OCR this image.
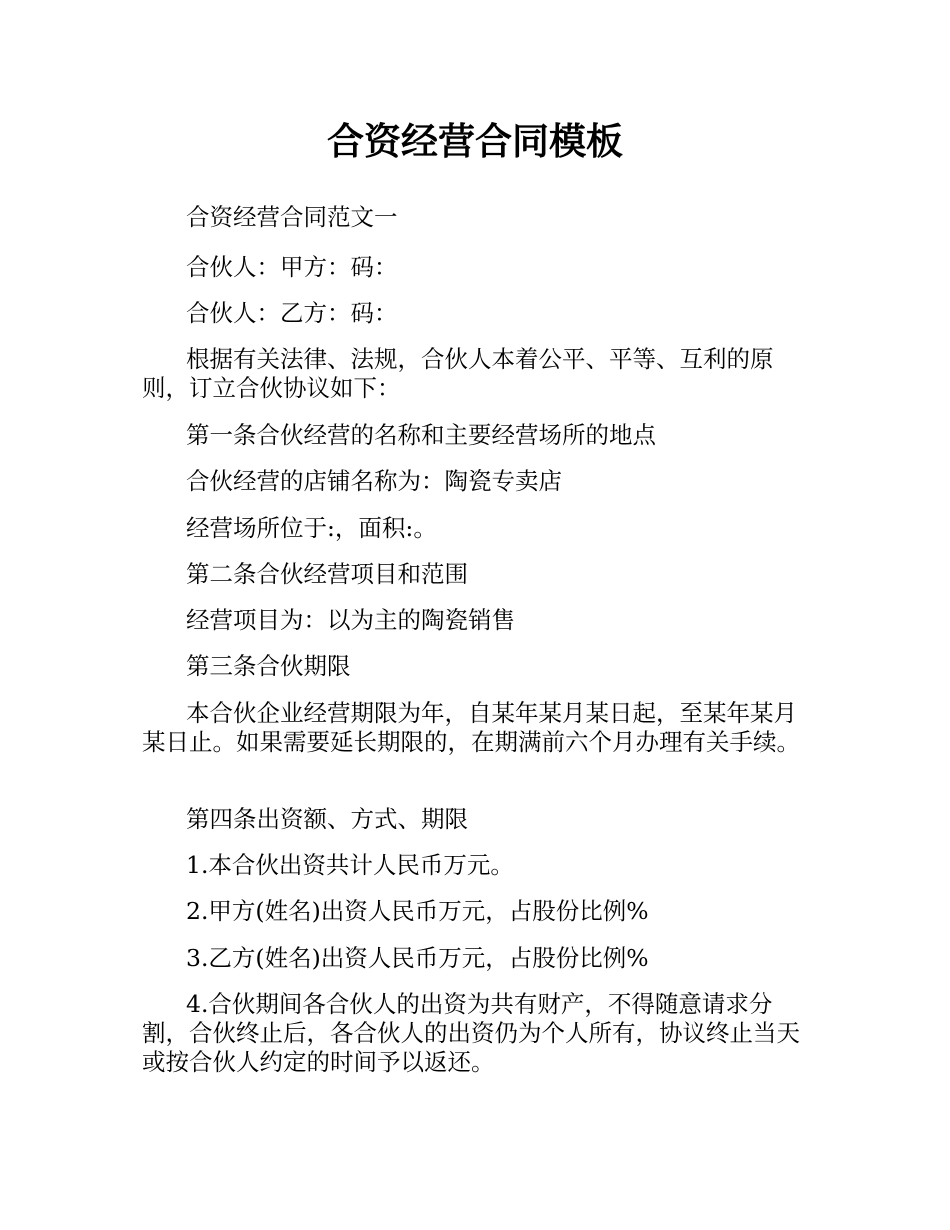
合资经营合同模板

合资经营合同范文一

合伙人：甲方：码：

合伙人：乙方：码：

根据有关法律、法规，合伙人本着公平、平等、互利的原则，订立合伙协议如下：

第一条合伙经营的名称和主要经营场所的地点

合伙经营的店铺名称为：陶瓷专卖店

经营场所位于:，面积:。

第二条合伙经营项目和范围

经营项目为：以为主的陶瓷销售

第三条合伙期限

本合伙企业经营期限为年，自某年某月某日起，至某年某月某日止。如果需要延长期限的，在期满前六个月办理有关手续。

第四条出资额、方式、期限

1.本合伙出资共计人民币万元。

2.甲方(姓名)出资人民币万元，占股份比例%

3.乙方(姓名)出资人民币万元，占股份比例%

4.合伙期间各合伙人的出资为共有财产，不得随意请求分割，合伙终止后，各合伙人的出资仍为个人所有，协议终止当天或按合伙人约定的时间予以返还。
